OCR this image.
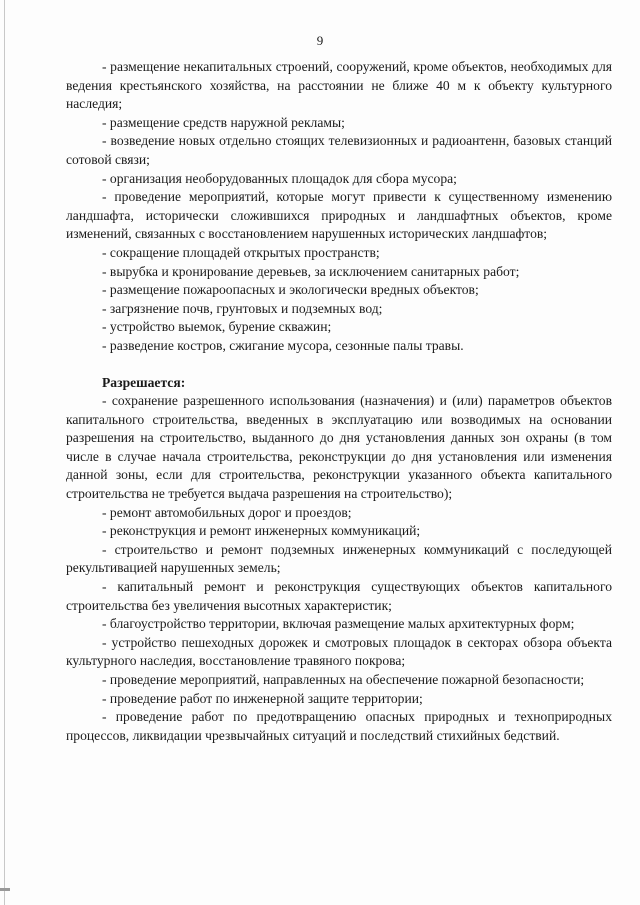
9

- размещение некапитальных строений, сооружений, кроме объектов, необходимых для ведения крестьянского хозяйства, на расстоянии не ближе 40 м к объекту культурного наследия;

- размещение средств наружной рекламы;

- возведение новых отдельно стоящих телевизионных и радиоантенн, базовых станций сотовой связи;

- организация необорудованных площадок для сбора мусора;

- проведение мероприятий, которые могут привести к существенному изменению ландшафта, исторически сложившихся природных и ландшафтных объектов, кроме изменений, связанных с восстановлением нарушенных исторических ландшафтов;

- сокращение площадей открытых пространств;

- вырубка и кронирование деревьев, за исключением санитарных работ;

- размещение пожароопасных и экологически вредных объектов;

- загрязнение почв, грунтовых и подземных вод;

- устройство выемок, бурение скважин;

- разведение костров, сжигание мусора, сезонные палы травы.

Разрешается:

- сохранение разрешенного использования (назначения) и (или) параметров объектов капитального строительства, введенных в эксплуатацию или возводимых на основании разрешения на строительство, выданного до дня установления данных зон охраны (в том числе в случае начала строительства, реконструкции до дня установления или изменения данной зоны, если для строительства, реконструкции указанного объекта капитального строительства не требуется выдача разрешения на строительство);

- ремонт автомобильных дорог и проездов;

- реконструкция и ремонт инженерных коммуникаций;

- строительство и ремонт подземных инженерных коммуникаций с последующей рекультивацией нарушенных земель;

- капитальный ремонт и реконструкция существующих объектов капитального строительства без увеличения высотных характеристик;

- благоустройство территории, включая размещение малых архитектурных форм;

- устройство пешеходных дорожек и смотровых площадок в секторах обзора объекта культурного наследия, восстановление травяного покрова;

- проведение мероприятий, направленных на обеспечение пожарной безопасности;

- проведение работ по инженерной защите территории;

- проведение работ по предотвращению опасных природных и техноприродных процессов, ликвидации чрезвычайных ситуаций и последствий стихийных бедствий.
